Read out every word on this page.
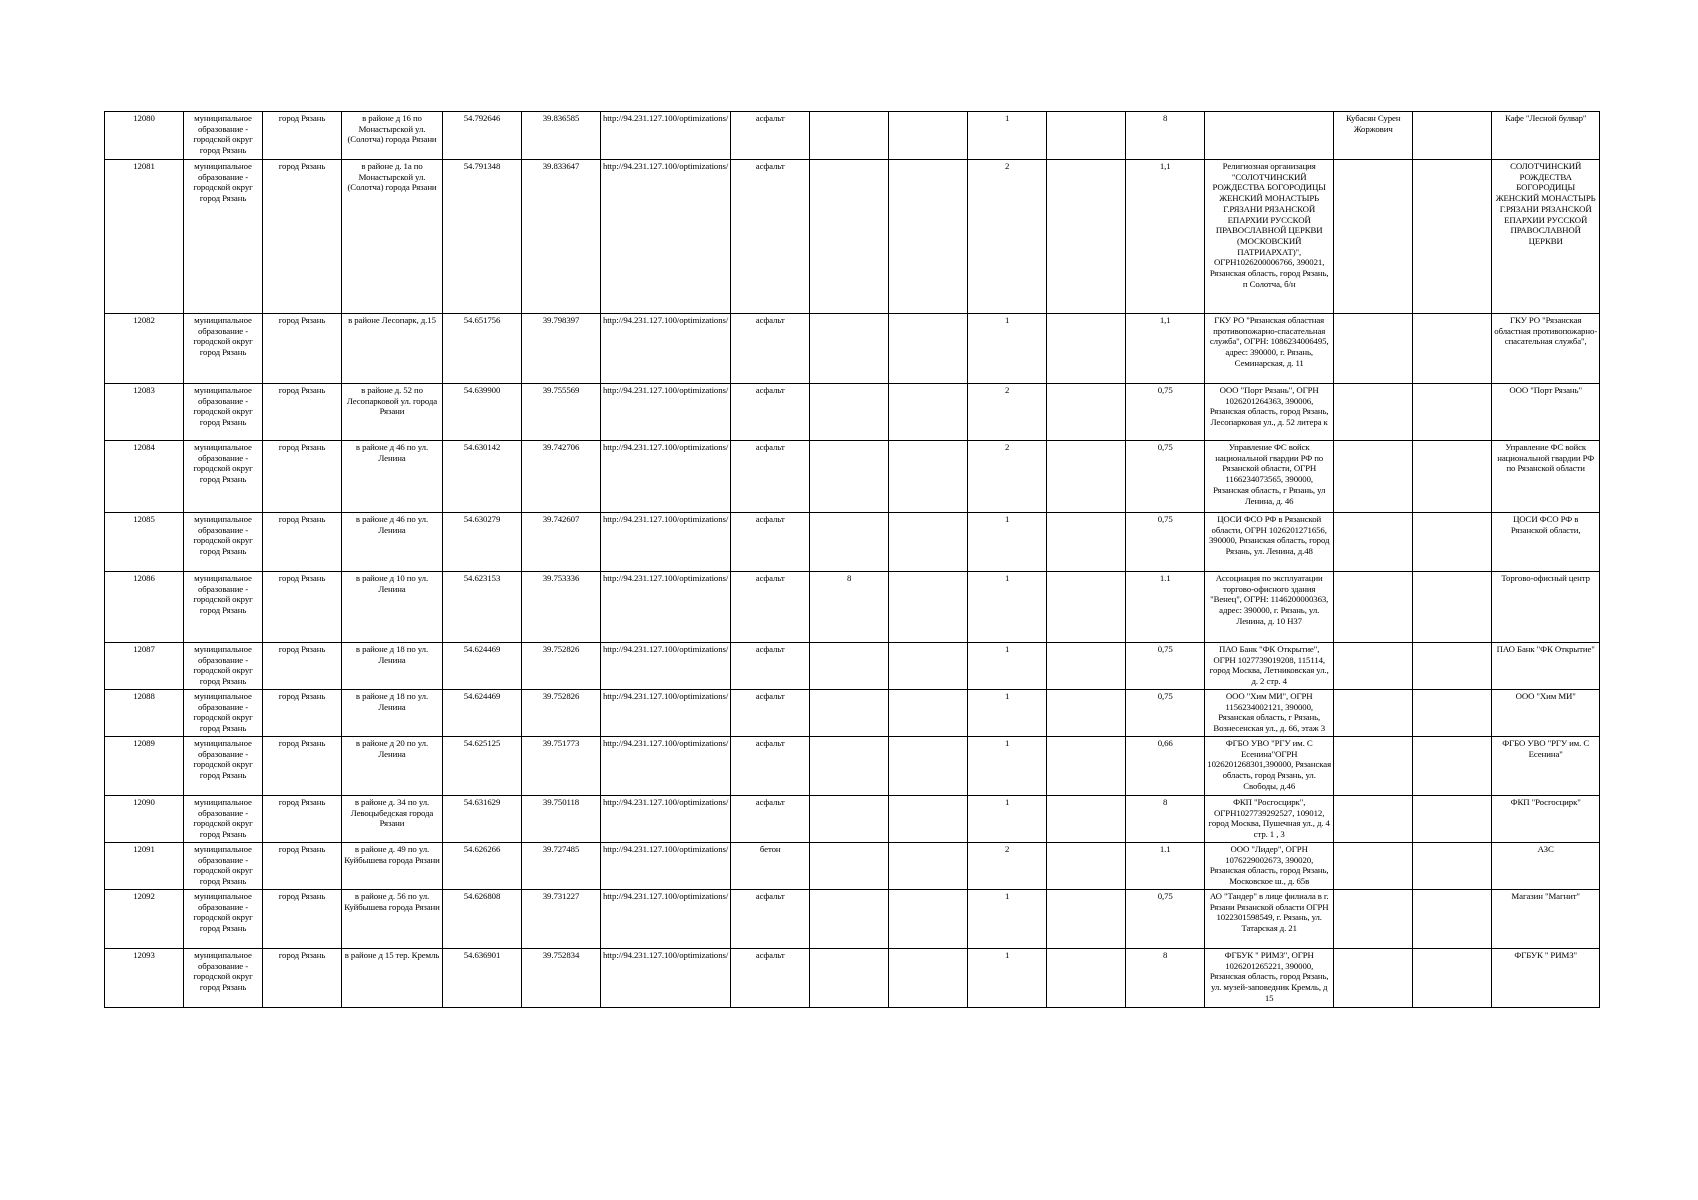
12080	муниципальное образование - городской округ город Рязань	город Рязань	в районе д 16 по Монастырской ул. (Солотча) города Рязани	54.792646	39.836585	http://94.231.127.100/optimizations/	асфальт			1		8		Кубасян Сурен Жоржович		Кафе "Лесной булвар"
12081	муниципальное образование - городской округ город Рязань	город Рязань	в районе д. 1а по Монастырской ул. (Солотча) города Рязани	54.791348	39.833647	http://94.231.127.100/optimizations/	асфальт			2		1,1	Религиозная организация "СОЛОТЧИНСКИЙ РОЖДЕСТВА БОГОРОДИЦЫ ЖЕНСКИЙ МОНАСТЫРЬ Г.РЯЗАНИ РЯЗАНСКОЙ ЕПАРХИИ РУССКОЙ ПРАВОСЛАВНОЙ ЦЕРКВИ (МОСКОВСКИЙ ПАТРИАРХАТ)", ОГРН1026200006766, 390021, Рязанская область, город Рязань, п Солотча, б/н			СОЛОТЧИНСКИЙ РОЖДЕСТВА БОГОРОДИЦЫ ЖЕНСКИЙ МОНАСТЫРЬ Г.РЯЗАНИ РЯЗАНСКОЙ ЕПАРХИИ РУССКОЙ ПРАВОСЛАВНОЙ ЦЕРКВИ
12082	муниципальное образование - городской округ город Рязань	город Рязань	в районе Лесопарк, д.15	54.651756	39.798397	http://94.231.127.100/optimizations/	асфальт			1		1,1	ГКУ РО "Рязанская областная противопожарно-спасательная служба", ОГРН: 1086234006495, адрес: 390000, г. Рязань, Семинарская, д. 11			ГКУ РО "Рязанская областная противопожарно-спасательная служба",
12083	муниципальное образование - городской округ город Рязань	город Рязань	в районе д. 52 по Лесопарковой ул. города Рязани	54.639900	39.755569	http://94.231.127.100/optimizations/	асфальт			2		0,75	ООО "Порт Рязань", ОГРН 1026201264363, 390006, Рязанская область, город Рязань, Лесопарковая ул., д. 52 литера к			ООО "Порт Рязань"
12084	муниципальное образование - городской округ город Рязань	город Рязань	в районе д 46 по ул. Ленина	54.630142	39.742706	http://94.231.127.100/optimizations/	асфальт			2		0,75	Управление ФС войск национальной гвардии РФ по Рязанской области, ОГРН 1166234073565, 390000, Рязанская область, г Рязань, ул Ленина, д. 46			Управление ФС войск национальной гвардии РФ по Рязанской области
12085	муниципальное образование - городской округ город Рязань	город Рязань	в районе д 46 по ул. Ленина	54.630279	39.742607	http://94.231.127.100/optimizations/	асфальт			1		0,75	ЦОСИ ФСО РФ в Рязанской области, ОГРН 1026201271656, 390000, Рязанская область, город Рязань, ул. Ленина, д.48			ЦОСИ ФСО РФ в Рязанской области,
12086	муниципальное образование - городской округ город Рязань	город Рязань	в районе д 10 по ул. Ленина	54.623153	39.753336	http://94.231.127.100/optimizations/	асфальт	8		1		1.1	Ассоциация по эксплуатации торгово-офисного здания "Венец", ОГРН: 1146200000363, адрес: 390000, г. Рязань, ул. Ленина, д. 10 Н37			Торгово-офисный центр
12087	муниципальное образование - городской округ город Рязань	город Рязань	в районе д 18 по ул. Ленина	54.624469	39.752826	http://94.231.127.100/optimizations/	асфальт			1		0,75	ПАО Банк "ФК Открытие", ОГРН 1027739019208, 115114, город Москва, Летниковская ул., д. 2 стр. 4			ПАО Банк "ФК Открытие"
12088	муниципальное образование - городской округ город Рязань	город Рязань	в районе д 18 по ул. Ленина	54.624469	39.752826	http://94.231.127.100/optimizations/	асфальт			1		0,75	ООО "Хим МИ", ОГРН 1156234002121, 390000, Рязанская область, г Рязань, Вознесенская ул., д. 66, этаж 3			ООО "Хим МИ"
12089	муниципальное образование - городской округ город Рязань	город Рязань	в районе д 20 по ул. Ленина	54.625125	39.751773	http://94.231.127.100/optimizations/	асфальт			1		0,66	ФГБО УВО "РГУ им. С Есенина"ОГРН 1026201268301,390000, Рязанская область, город Рязань, ул. Свободы, д.46			ФГБО УВО "РГУ им. С Есенина"
12090	муниципальное образование - городской округ город Рязань	город Рязань	в районе д. 34 по ул. Левоцыбедская города Рязани	54.631629	39.750118	http://94.231.127.100/optimizations/	асфальт			1		8	ФКП "Росгосцирк", ОГРН1027739292527, 109012, город Москва, Пушечная ул., д. 4 стр. 1 , 3			ФКП "Росгосцирк"
12091	муниципальное образование - городской округ город Рязань	город Рязань	в районе д. 49 по ул. Куйбышева города Рязани	54.626266	39.727485	http://94.231.127.100/optimizations/	бетон			2		1.1	ООО "Лидер", ОГРН 1076229002673, 390020, Рязанская область, город Рязань, Московское ш., д. 65в			АЗС
12092	муниципальное образование - городской округ город Рязань	город Рязань	в районе д. 56 по ул. Куйбышева города Рязани	54.626808	39.731227	http://94.231.127.100/optimizations/	асфальт			1		0,75	АО "Тандер" в лице филиала в г. Рязани Рязанской области ОГРН 1022301598549, г. Рязань, ул. Татарская д. 21			Магазин "Магнит"
12093	муниципальное образование - городской округ город Рязань	город Рязань	в районе д 15 тер. Кремль	54.636901	39.752834	http://94.231.127.100/optimizations/	асфальт			1		8	ФГБУК " РИМЗ", ОГРН 1026201265221, 390000, Рязанская область, город Рязань, ул. музей-заповедник Кремль, д 15			ФГБУК " РИМЗ"
